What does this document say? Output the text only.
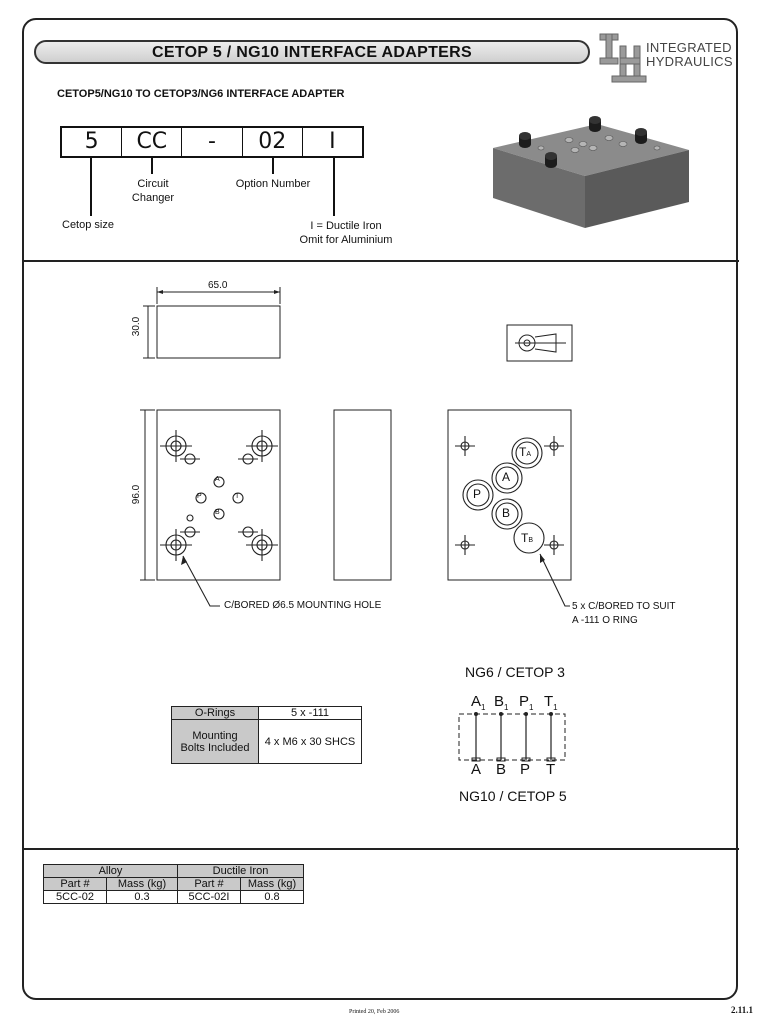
CETOP 5 / NG10 INTERFACE ADAPTERS	INTEGRATED
HYDRAULICS
CETOP5/NG10 TO CETOP3/NG6 INTERFACE ADAPTER
5	CC	-	02	I
Circuit
Changer
Option Number
Cetop size	I = Ductile Iron
Omit for Aluminium
65.0
30.0
96.0
A
P	T
B
TA
A
P
B
TB
C/BORED Ø6.5 MOUNTING HOLE	5 x C/BORED TO SUIT
A -111 O RING
O-Rings	5 x -111

Mounting
Bolts Included	4 x M6 x 30 SHCS
NG6 / CETOP 3
$A_1$ $B_1$ $P_1$ $T_1$
A B P T
NG10 / CETOP 5
Alloy		Ductile Iron	
Part #	Mass (kg)	Part #	Mass (kg)
5CC-02	0.3	5CC-02I	0.8
Printed 20, Feb 2006	2.11.1
